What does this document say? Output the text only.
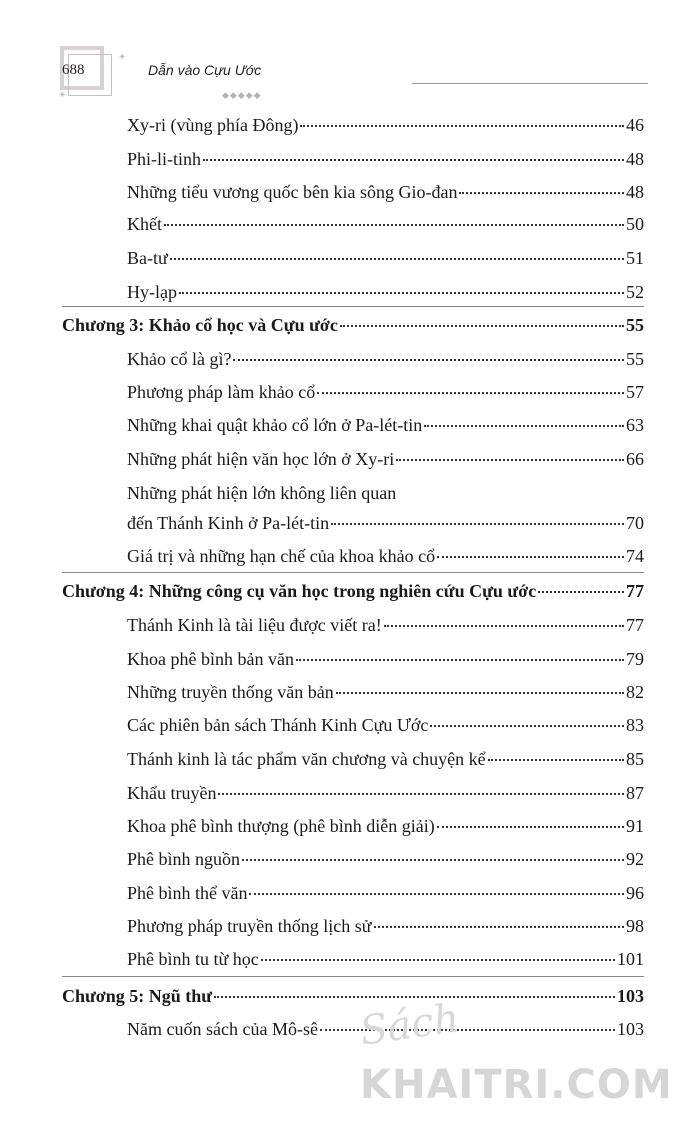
✦
✦
688	Dẫn vào Cựu Ước
◆◆◆◆◆
Xy-ri (vùng phía Đông)	46
Phi-li-tinh	48
Những tiểu vương quốc bên kia sông Gio-đan	48
Khết	50
Ba-tư	51
Hy-lạp	52
Chương 3: Khảo cổ học và Cựu ước	55
Khảo cổ là gì?	55
Phương pháp làm khảo cổ	57
Những khai quật khảo cổ lớn ở Pa-lét-tin	63
Những phát hiện văn học lớn ở Xy-ri	66
Những phát hiện lớn không liên quan
đến Thánh Kinh ở Pa-lét-tin	70
Giá trị và những hạn chế của khoa khảo cổ	74
Chương 4: Những công cụ văn học trong nghiên cứu Cựu ước	77
Thánh Kinh là tài liệu được viết ra!	77
Khoa phê bình bản văn	79
Những truyền thống văn bản	82
Các phiên bản sách Thánh Kinh Cựu Ước	83
Thánh kinh là tác phẩm văn chương và chuyện kể	85
Khẩu truyền	87
Khoa phê bình thượng (phê bình diễn giải)	91
Phê bình nguồn	92
Phê bình thể văn	96
Phương pháp truyền thống lịch sử	98
Phê bình tu từ học	101
Chương 5: Ngũ thư	103
Năm cuốn sách của Mô-sê	103
Sách
KHAITRI.COM
